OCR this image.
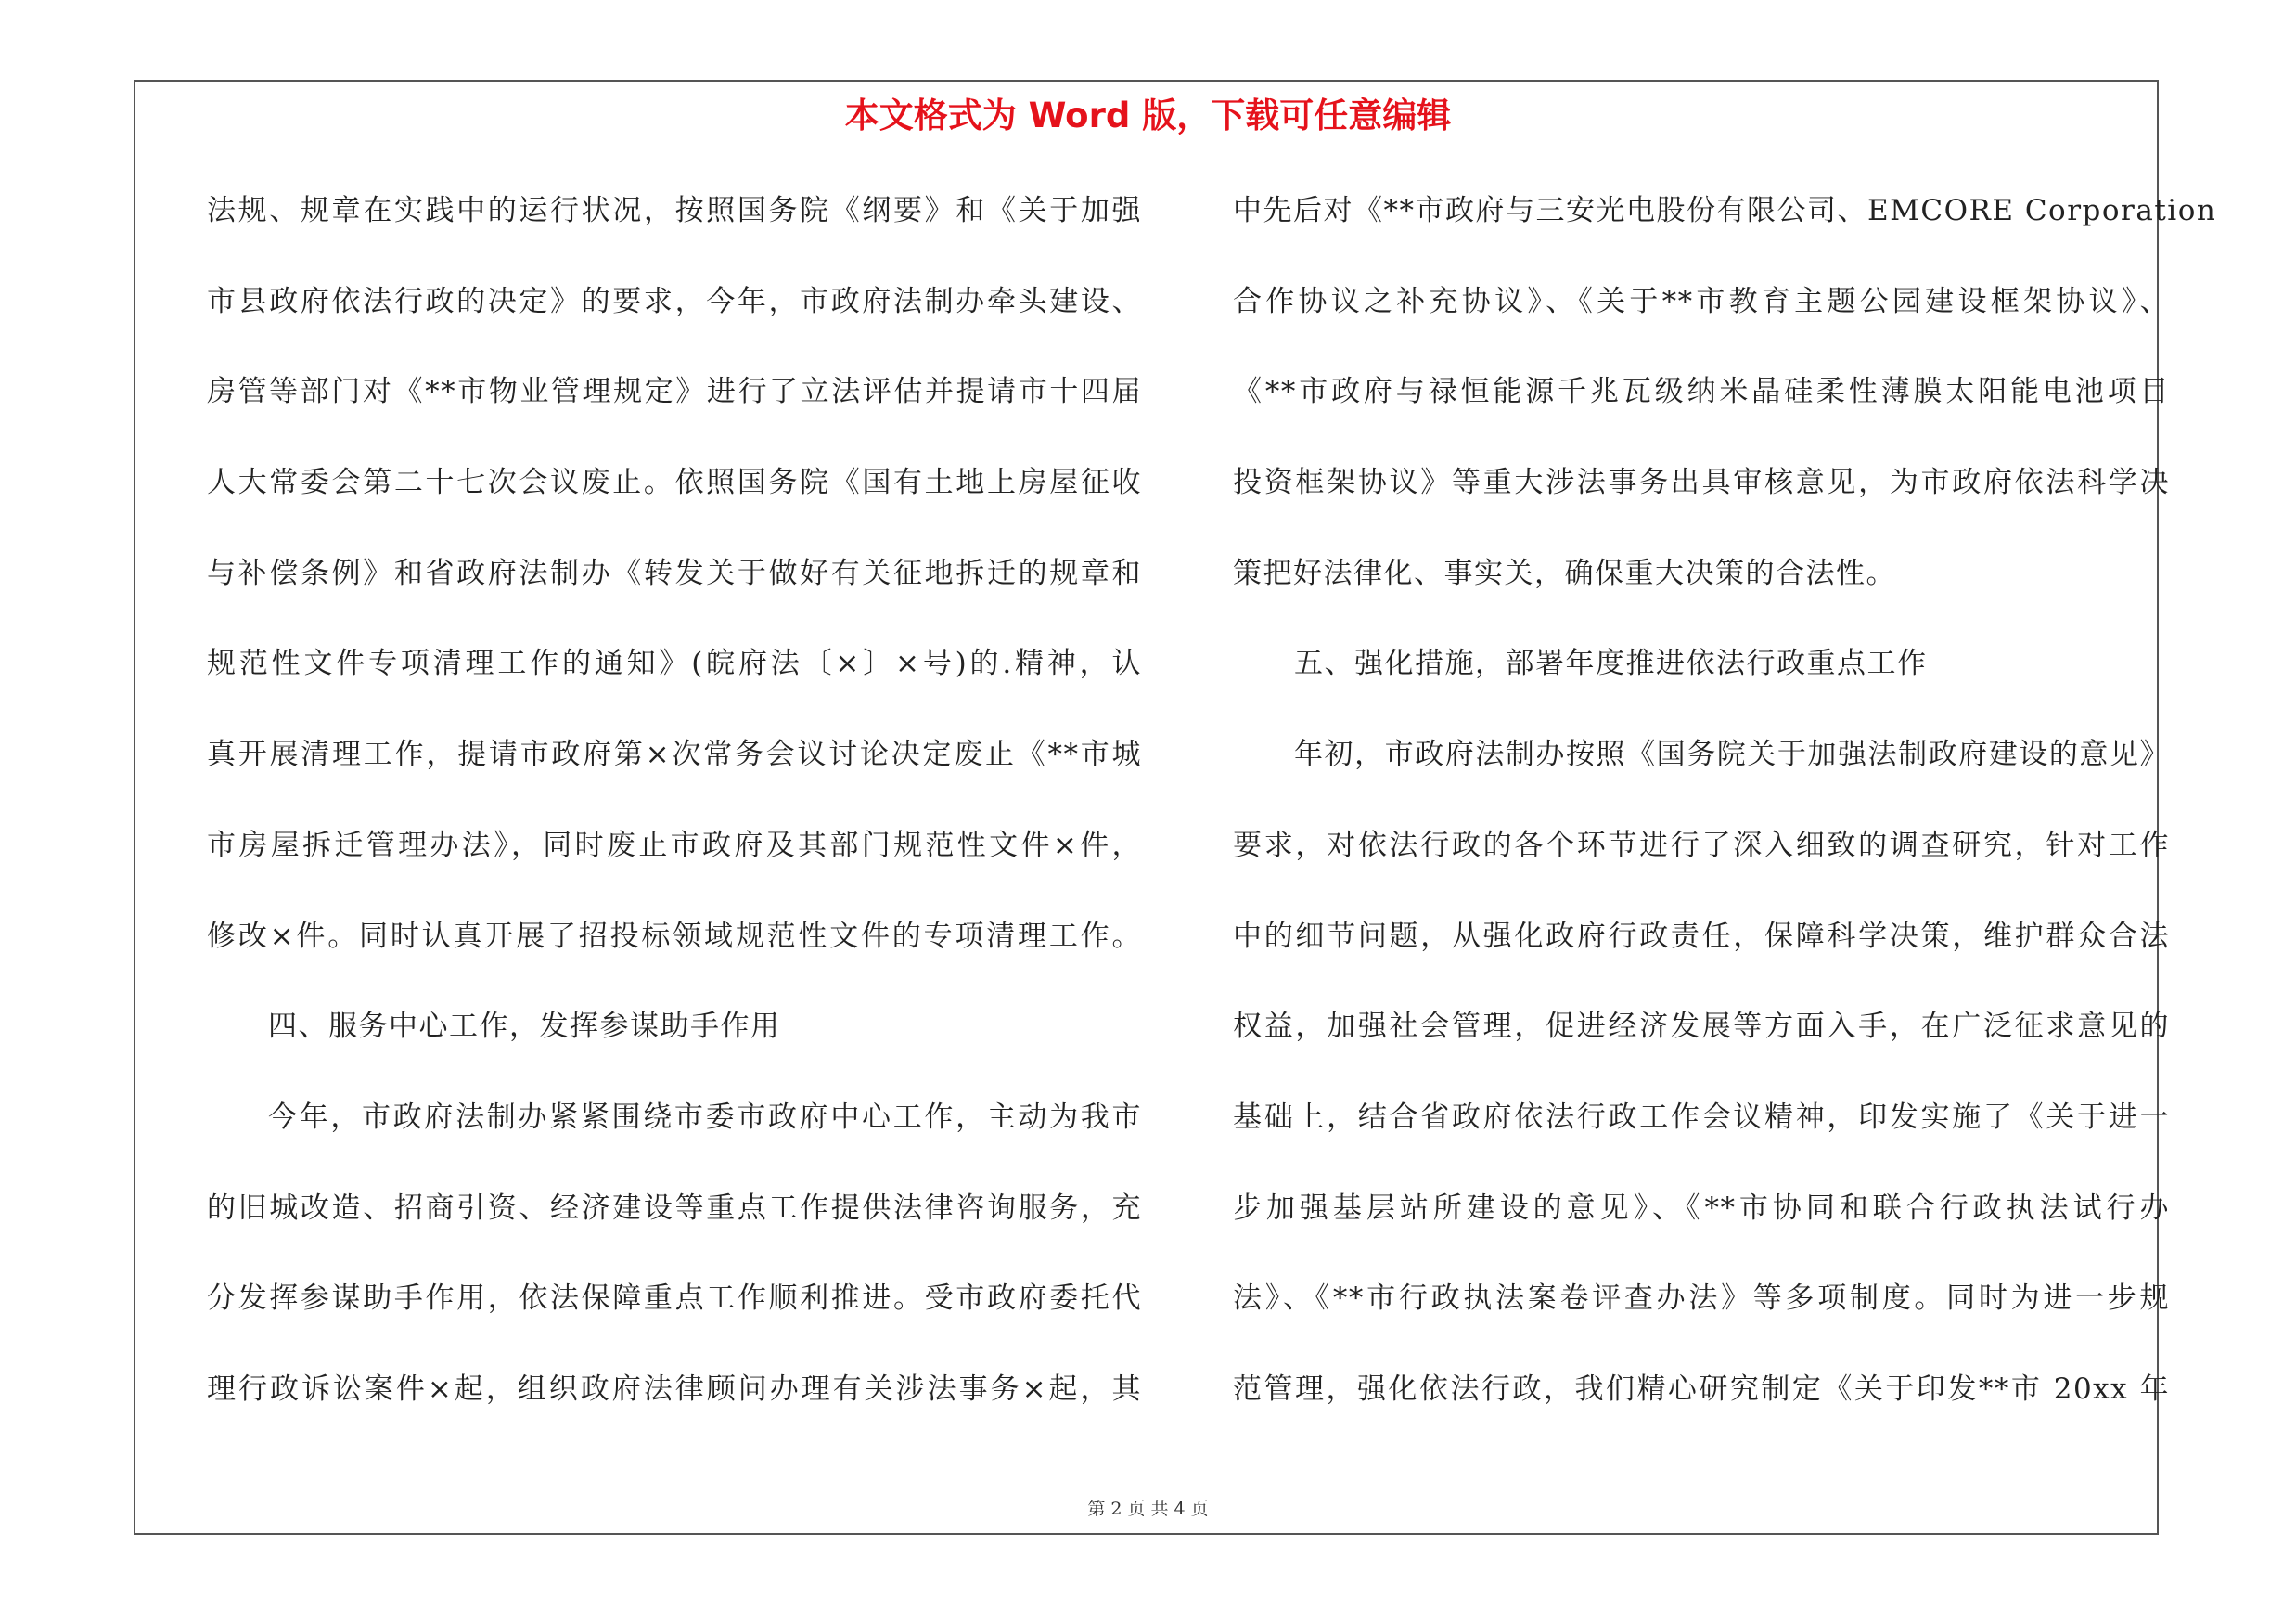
本文格式为 Word 版，下载可任意编辑
法规、规章在实践中的运行状况，按照国务院《纲要》和《关于加强
市县政府依法行政的决定》的要求，今年，市政府法制办牵头建设、
房管等部门对《**市物业管理规定》进行了立法评估并提请市十四届
人大常委会第二十七次会议废止。依照国务院《国有土地上房屋征收
与补偿条例》和省政府法制办《转发关于做好有关征地拆迁的规章和
规范性文件专项清理工作的通知》(皖府法〔×〕×号)的.精神，认
真开展清理工作，提请市政府第×次常务会议讨论决定废止《**市城
市房屋拆迁管理办法》，同时废止市政府及其部门规范性文件×件，
修改×件。同时认真开展了招投标领域规范性文件的专项清理工作。
四、服务中心工作，发挥参谋助手作用
今年，市政府法制办紧紧围绕市委市政府中心工作，主动为我市
的旧城改造、招商引资、经济建设等重点工作提供法律咨询服务，充
分发挥参谋助手作用，依法保障重点工作顺利推进。受市政府委托代
理行政诉讼案件×起，组织政府法律顾问办理有关涉法事务×起，其
中先后对《**市政府与三安光电股份有限公司、EMCORE Corporation
合作协议之补充协议》、《关于**市教育主题公园建设框架协议》、
《**市政府与禄恒能源千兆瓦级纳米晶硅柔性薄膜太阳能电池项目
投资框架协议》等重大涉法事务出具审核意见，为市政府依法科学决
策把好法律化、事实关，确保重大决策的合法性。
五、强化措施，部署年度推进依法行政重点工作
年初，市政府法制办按照《国务院关于加强法制政府建设的意见》
要求，对依法行政的各个环节进行了深入细致的调查研究，针对工作
中的细节问题，从强化政府行政责任，保障科学决策，维护群众合法
权益，加强社会管理，促进经济发展等方面入手，在广泛征求意见的
基础上，结合省政府依法行政工作会议精神，印发实施了《关于进一
步加强基层站所建设的意见》、《**市协同和联合行政执法试行办
法》、《**市行政执法案卷评查办法》等多项制度。同时为进一步规
范管理，强化依法行政，我们精心研究制定《关于印发**市 20xx 年
第 2 页 共 4 页
